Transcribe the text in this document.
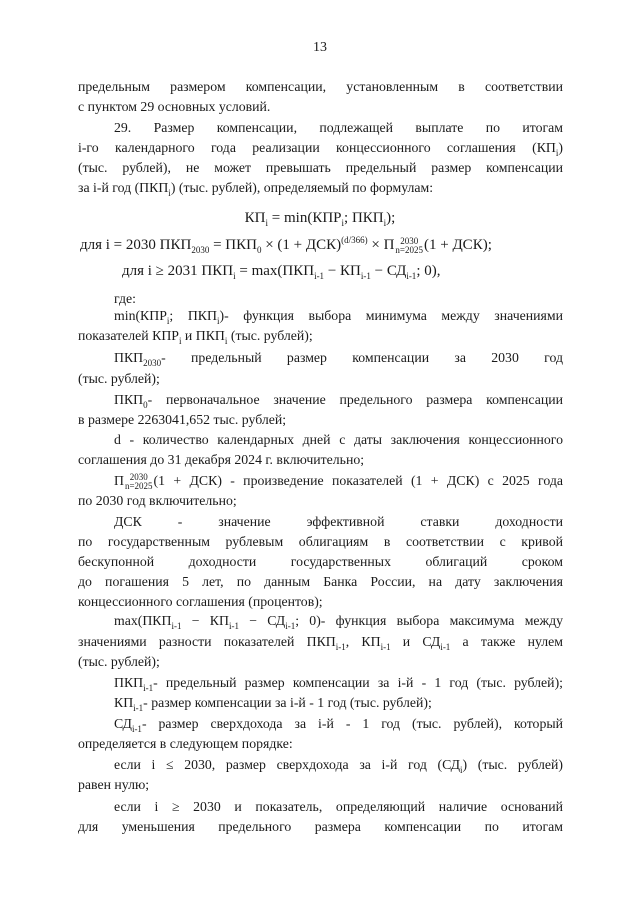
13
предельным размером компенсации, установленным в соответствии
с пунктом 29 основных условий.
29. Размер компенсации, подлежащей выплате по итогам
i-го календарного года реализации концессионного соглашения $(КП_i)$
(тыс. рублей), не может превышать предельный размер компенсации
за i-й год $(ПКП_i)$ (тыс. рублей), определяемый по формулам:
$КП_i = \min(КПР_i$; $ПКП_i$);
для i = 2030 $ПКП_{2030} = ПКП_0 \times (1 + ДСК)^{(d/366)} \times \Pi$ 2030
n=2025 (1 + ДСК);
для i ≥ 2031 $ПКП_i = \max(ПКП_{i-1} - КП_{i-1} - СД_{i-1}$; 0),
где:
$\min(КПР_i$; $ПКП_i)-$ функция выбора минимума между значениями
показателей $КПР_i$ и $ПКП_i$ (тыс. рублей);
$ПКП_{2030}-$ предельный размер компенсации за 2030 год
(тыс. рублей);
$ПКП_0-$ первоначальное значение предельного размера компенсации
в размере 2263041,652 тыс. рублей;
d - количество календарных дней с даты заключения концессионного
соглашения до 31 декабря 2024 г. включительно;
Π 2030
n=2025 (1 + ДСК) - произведение показателей (1 + ДСК) с 2025 года
по 2030 год включительно;
ДСК - значение эффективной ставки доходности
по государственным рублевым облигациям в соответствии с кривой
бескупонной доходности государственных облигаций сроком
до погашения 5 лет, по данным Банка России, на дату заключения
концессионного соглашения (процентов);
$\max(ПКП_{i-1} - КП_{i-1} - СД_{i-1}$; 0)- функция выбора максимума между
значениями разности показателей $ПКП_{i-1}$, $КП_{i-1}$ и $СД_{i-1}$ а также нулем
(тыс. рублей);
$ПКП_{i-1}-$ предельный размер компенсации за i-й - 1 год (тыс. рублей);
$КП_{i-1}-$ размер компенсации за i-й - 1 год (тыс. рублей);
$СД_{i-1}-$ размер сверхдохода за i-й - 1 год (тыс. рублей), который
определяется в следующем порядке:
если i ≤ 2030, размер сверхдохода за i-й год $(СД_i)$ (тыс. рублей)
равен нулю;
если i ≥ 2030 и показатель, определяющий наличие оснований
для уменьшения предельного размера компенсации по итогам
